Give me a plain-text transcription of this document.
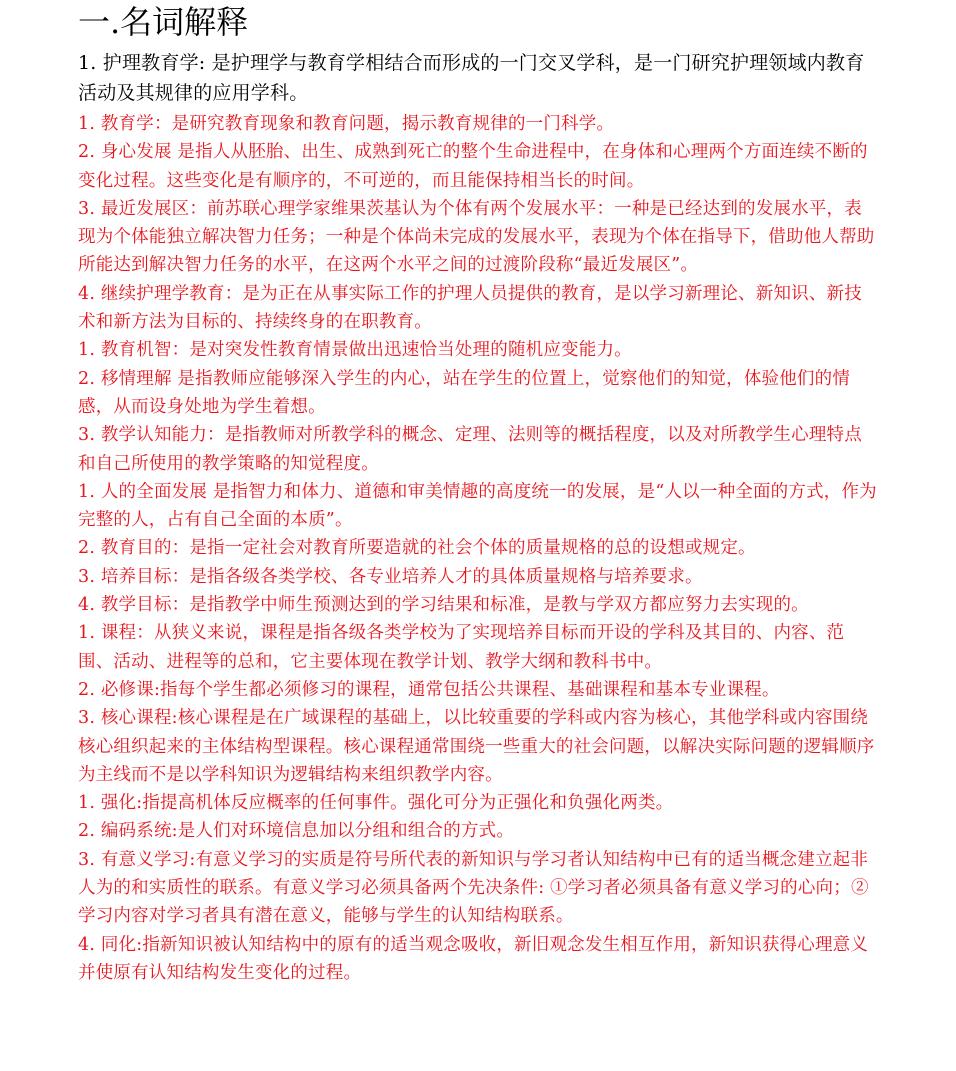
一.名词解释

1. 护理教育学: 是护理学与教育学相结合而形成的一门交叉学科，是一门研究护理领域内教育活动及其规律的应用学科。

1. 教育学：是研究教育现象和教育问题，揭示教育规律的一门科学。

2. 身心发展 是指人从胚胎、出生、成熟到死亡的整个生命进程中，在身体和心理两个方面连续不断的变化过程。这些变化是有顺序的，不可逆的，而且能保持相当长的时间。

3. 最近发展区：前苏联心理学家维果茨基认为个体有两个发展水平：一种是已经达到的发展水平，表现为个体能独立解决智力任务；一种是个体尚未完成的发展水平，表现为个体在指导下，借助他人帮助所能达到解决智力任务的水平，在这两个水平之间的过渡阶段称“最近发展区”。

4. 继续护理学教育：是为正在从事实际工作的护理人员提供的教育，是以学习新理论、新知识、新技术和新方法为目标的、持续终身的在职教育。

1. 教育机智：是对突发性教育情景做出迅速恰当处理的随机应变能力。

2. 移情理解 是指教师应能够深入学生的内心，站在学生的位置上，觉察他们的知觉，体验他们的情感，从而设身处地为学生着想。

3. 教学认知能力：是指教师对所教学科的概念、定理、法则等的概括程度，以及对所教学生心理特点和自己所使用的教学策略的知觉程度。

1. 人的全面发展 是指智力和体力、道德和审美情趣的高度统一的发展，是“人以一种全面的方式，作为完整的人，占有自己全面的本质”。

2. 教育目的：是指一定社会对教育所要造就的社会个体的质量规格的总的设想或规定。

3. 培养目标：是指各级各类学校、各专业培养人才的具体质量规格与培养要求。

4. 教学目标：是指教学中师生预测达到的学习结果和标准，是教与学双方都应努力去实现的。

1. 课程：从狭义来说，课程是指各级各类学校为了实现培养目标而开设的学科及其目的、内容、范围、活动、进程等的总和，它主要体现在教学计划、教学大纲和教科书中。

2. 必修课:指每个学生都必须修习的课程，通常包括公共课程、基础课程和基本专业课程。

3. 核心课程:核心课程是在广域课程的基础上，以比较重要的学科或内容为核心，其他学科或内容围绕核心组织起来的主体结构型课程。核心课程通常围绕一些重大的社会问题，以解决实际问题的逻辑顺序为主线而不是以学科知识为逻辑结构来组织教学内容。

1. 强化:指提高机体反应概率的任何事件。强化可分为正强化和负强化两类。

2. 编码系统:是人们对环境信息加以分组和组合的方式。

3. 有意义学习:有意义学习的实质是符号所代表的新知识与学习者认知结构中已有的适当概念建立起非人为的和实质性的联系。有意义学习必须具备两个先决条件: ①学习者必须具备有意义学习的心向；②学习内容对学习者具有潜在意义，能够与学生的认知结构联系。

4. 同化:指新知识被认知结构中的原有的适当观念吸收，新旧观念发生相互作用，新知识获得心理意义并使原有认知结构发生变化的过程。
